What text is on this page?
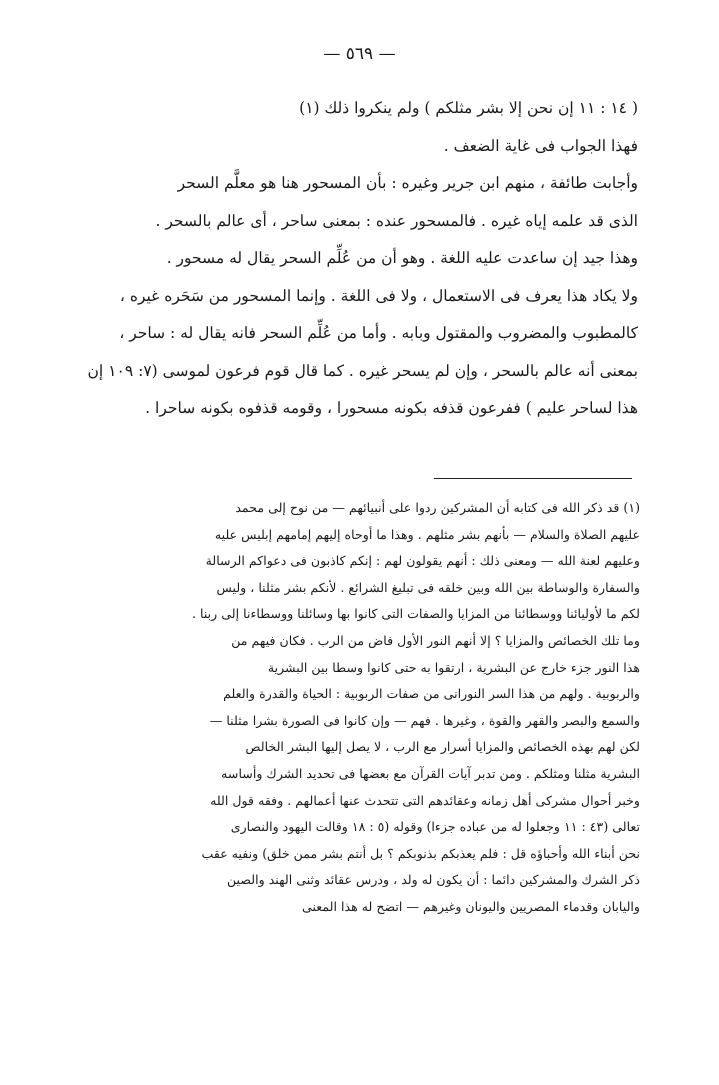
— ٥٦٩ —
( ١٤ : ١١ إن نحن إلا بشر مثلكم ) ولم ينكروا ذلك (١)
فهذا الجواب فى غاية الضعف .
وأجابت طائفة ، منهم ابن جرير وغيره : بأن المسحور هنا هو معلَّم السحر
الذى قد علمه إياه غيره . فالمسحور عنده : بمعنى ساحر ، أى عالم بالسحر .
وهذا جيد إن ساعدت عليه اللغة . وهو أن من عُلِّم السحر يقال له مسحور .
ولا يكاد هذا يعرف فى الاستعمال ، ولا فى اللغة . وإنما المسحور من سَحَره غيره ،
كالمطبوب والمضروب والمقتول وبابه . وأما من عُلِّم السحر فانه يقال له : ساحر ،
بمعنى أنه عالم بالسحر ، وإن لم يسحر غيره . كما قال قوم فرعون لموسى (٧: ١٠٩ إن
هذا لساحر عليم ) ففرعون قذفه بكونه مسحورا ، وقومه قذفوه بكونه ساحرا .
(١) قد ذكر الله فى كتابه أن المشركين ردوا على أنبيائهم — من نوح إلى محمد
عليهم الصلاة والسلام — بأنهم بشر مثلهم . وهذا ما أوحاه إليهم إمامهم إبليس عليه
وعليهم لعنة الله — ومعنى ذلك : أنهم يقولون لهم : إنكم كاذبون فى دعواكم الرسالة
والسفارة والوساطة بين الله وبين خلقه فى تبليغ الشرائع . لأنكم بشر مثلنا ، وليس
لكم ما لأوليائنا ووسطائنا من المزايا والصفات التى كانوا بها وسائلنا ووسطاءنا إلى ربنا .
وما تلك الخصائص والمزايا ؟ إلا أنهم النور الأول فاض من الرب . فكان فيهم من
هذا النور جزء خارج عن البشرية ، ارتقوا به حتى كانوا وسطا بين البشرية
والربوبية . ولهم من هذا السر النورانى من صفات الربوبية : الحياة والقدرة والعلم
والسمع والبصر والقهر والقوة ، وغيرها . فهم — وإن كانوا فى الصورة بشرا مثلنا —
لكن لهم بهذه الخصائص والمزايا أسرار مع الرب ، لا يصل إليها البشر الخالص
البشرية مثلنا ومثلكم . ومن تدبر آيات القرآن مع بعضها فى تحديد الشرك وأساسه
وخبر أحوال مشركى أهل زمانه وعقائدهم التى تتحدث عنها أعمالهم . وفقه قول الله
تعالى (٤٣ : ١١ وجعلوا له من عباده جزءا) وقوله (٥ : ١٨ وقالت اليهود والنصارى
نحن أبناء الله وأحباؤه قل : فلم يعذبكم بذنوبكم ؟ بل أنتم بشر ممن خلق) ونفيه عقب
ذكر الشرك والمشركين دائما : أن يكون له ولد ، ودرس عقائد وثنى الهند والصين
واليابان وقدماء المصريين واليونان وغيرهم — اتضح له هذا المعنى
